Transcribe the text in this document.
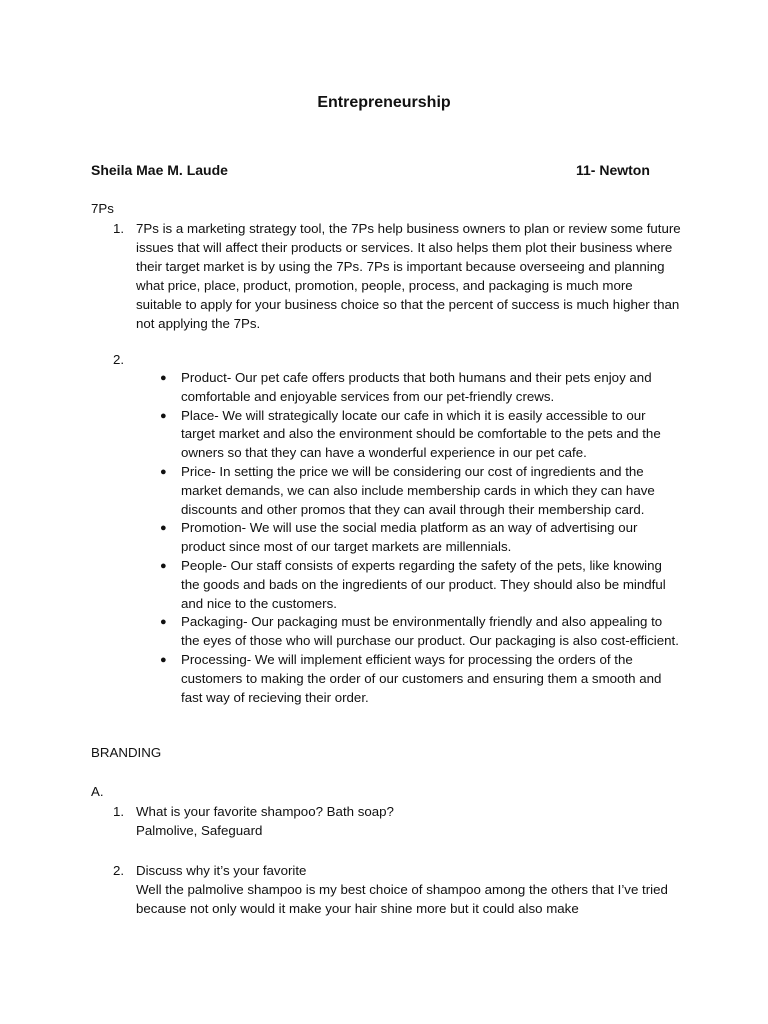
Entrepreneurship
Sheila Mae M. Laude	11- Newton
7Ps
1. 7Ps is a marketing strategy tool, the 7Ps help business owners to plan or review some future issues that will affect their products or services. It also helps them plot their business where their target market is by using the 7Ps. 7Ps is important because overseeing and planning what price, place, product, promotion, people, process, and packaging is much more suitable to apply for your business choice so that the percent of success is much higher than not applying the 7Ps.
2.
● Product- Our pet cafe offers products that both humans and their pets enjoy and comfortable and enjoyable services from our pet-friendly crews.
● Place- We will strategically locate our cafe in which it is easily accessible to our target market and also the environment should be comfortable to the pets and the owners so that they can have a wonderful experience in our pet cafe.
● Price- In setting the price we will be considering our cost of ingredients and the market demands, we can also include membership cards in which they can have discounts and other promos that they can avail through their membership card.
● Promotion- We will use the social media platform as an way of advertising our product since most of our target markets are millennials.
● People- Our staff consists of experts regarding the safety of the pets, like knowing the goods and bads on the ingredients of our product. They should also be mindful and nice to the customers.
● Packaging- Our packaging must be environmentally friendly and also appealing to the eyes of those who will purchase our product. Our packaging is also cost-efficient.
● Processing- We will implement efficient ways for processing the orders of the customers to making the order of our customers and ensuring them a smooth and fast way of recieving their order.
BRANDING
A.
1. What is your favorite shampoo? Bath soap?
Palmolive, Safeguard
2. Discuss why it’s your favorite
Well the palmolive shampoo is my best choice of shampoo among the others that I’ve tried because not only would it make your hair shine more but it could also make
